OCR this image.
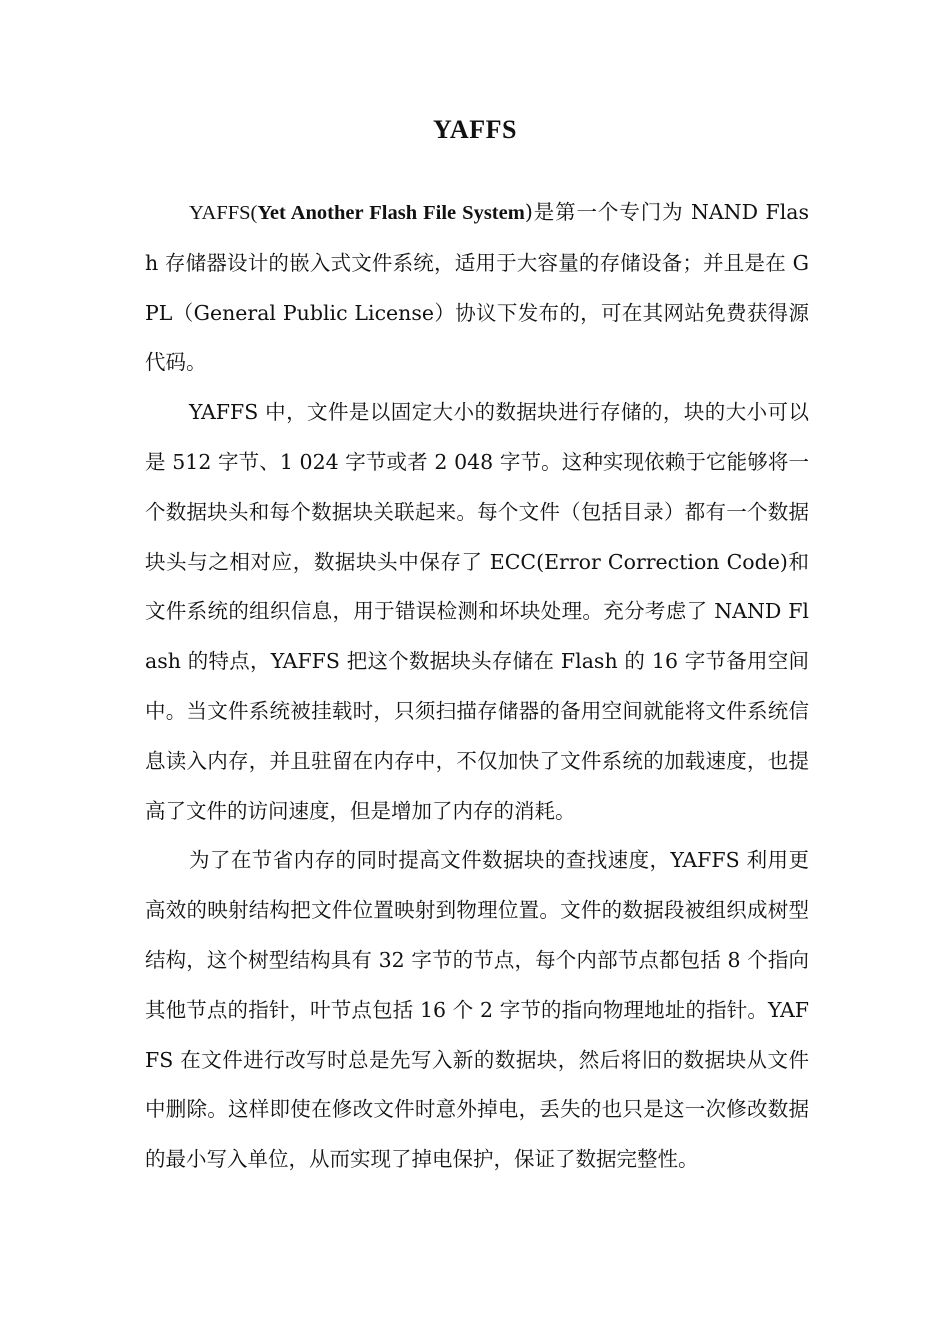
YAFFS

YAFFS(Yet Another Flash File System)是第一个专门为 NAND Flash 存储器设计的嵌入式文件系统，适用于大容量的存储设备；并且是在 GPL（General Public License）协议下发布的，可在其网站免费获得源代码。

YAFFS 中，文件是以固定大小的数据块进行存储的，块的大小可以是 512 字节、1 024 字节或者 2 048 字节。这种实现依赖于它能够将一个数据块头和每个数据块关联起来。每个文件（包括目录）都有一个数据块头与之相对应，数据块头中保存了 ECC(Error Correction Code)和文件系统的组织信息，用于错误检测和坏块处理。充分考虑了 NAND Flash 的特点，YAFFS 把这个数据块头存储在 Flash 的 16 字节备用空间中。当文件系统被挂载时，只须扫描存储器的备用空间就能将文件系统信息读入内存，并且驻留在内存中，不仅加快了文件系统的加载速度，也提高了文件的访问速度，但是增加了内存的消耗。

为了在节省内存的同时提高文件数据块的查找速度，YAFFS 利用更高效的映射结构把文件位置映射到物理位置。文件的数据段被组织成树型结构，这个树型结构具有 32 字节的节点，每个内部节点都包括 8 个指向其他节点的指针，叶节点包括 16 个 2 字节的指向物理地址的指针。YAFFS 在文件进行改写时总是先写入新的数据块，然后将旧的数据块从文件中删除。这样即使在修改文件时意外掉电，丢失的也只是这一次修改数据的最小写入单位，从而实现了掉电保护，保证了数据完整性。
